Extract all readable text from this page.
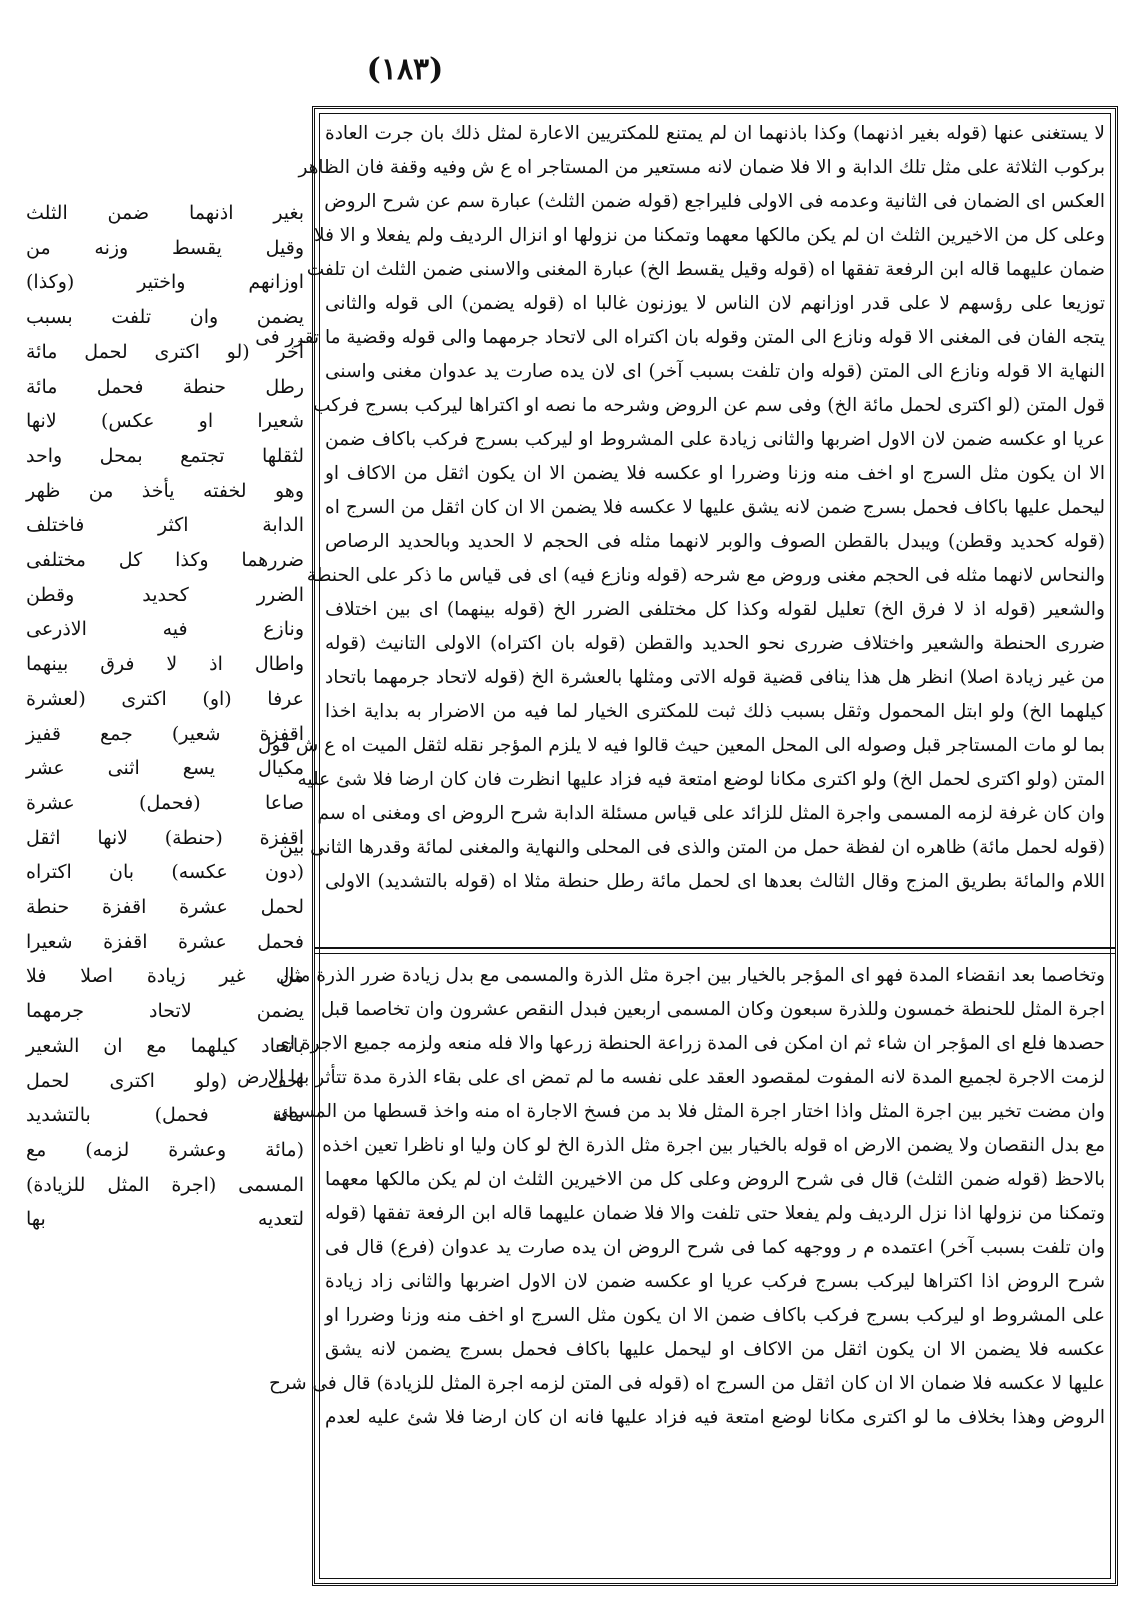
(١٨٣)
لا يستغنى عنها (قوله بغير اذنهما) وكذا باذنهما ان لم يمتنع للمكتريين الاعارة لمثل ذلك بان جرت العادة
بركوب الثلاثة على مثل تلك الدابة و الا فلا ضمان لانه مستعير من المستاجر اه ع ش وفيه وقفة فان الظاهر
العكس اى الضمان فى الثانية وعدمه فى الاولى فليراجع (قوله ضمن الثلث) عبارة سم عن شرح الروض
وعلى كل من الاخيرين الثلث ان لم يكن مالكها معهما وتمكنا من نزولها او انزال الرديف ولم يفعلا و الا فلا
ضمان عليهما قاله ابن الرفعة تفقها اه (قوله وقيل يقسط الخ) عبارة المغنى والاسنى ضمن الثلث ان تلفت
توزيعا على رؤسهم لا على قدر اوزانهم لان الناس لا يوزنون غالبا اه (قوله يضمن) الى قوله والثانى
يتجه الفان فى المغنى الا قوله ونازع الى المتن وقوله بان اكتراه الى لاتحاد جرمهما والى قوله وقضية ما تقرر فى
النهاية الا قوله ونازع الى المتن (قوله وان تلفت بسبب آخر) اى لان يده صارت يد عدوان مغنى واسنى
قول المتن (لو اكترى لحمل مائة الخ) وفى سم عن الروض وشرحه ما نصه او اكتراها ليركب بسرج فركب
عريا او عكسه ضمن لان الاول اضربها والثانى زيادة على المشروط او ليركب بسرج فركب باكاف ضمن
الا ان يكون مثل السرج او اخف منه وزنا وضررا او عكسه فلا يضمن الا ان يكون اثقل من الاكاف او
ليحمل عليها باكاف فحمل بسرج ضمن لانه يشق عليها لا عكسه فلا يضمن الا ان كان اثقل من السرج اه
(قوله كحديد وقطن) ويبدل بالقطن الصوف والوبر لانهما مثله فى الحجم لا الحديد وبالحديد الرصاص
والنحاس لانهما مثله فى الحجم مغنى وروض مع شرحه (قوله ونازع فيه) اى فى قياس ما ذكر على الحنطة
والشعير (قوله اذ لا فرق الخ) تعليل لقوله وكذا كل مختلفى الضرر الخ (قوله بينهما) اى بين اختلاف
ضررى الحنطة والشعير واختلاف ضررى نحو الحديد والقطن (قوله بان اكتراه) الاولى التانيث (قوله
من غير زيادة اصلا) انظر هل هذا ينافى قضية قوله الاتى ومثلها بالعشرة الخ (قوله لاتحاد جرمهما باتحاد
كيلهما الخ) ولو ابتل المحمول وثقل بسبب ذلك ثبت للمكترى الخيار لما فيه من الاضرار به بداية اخذا
بما لو مات المستاجر قبل وصوله الى المحل المعين حيث قالوا فيه لا يلزم المؤجر نقله لثقل الميت اه ع ش قول
المتن (ولو اكترى لحمل الخ) ولو اكترى مكانا لوضع امتعة فيه فزاد عليها انظرت فان كان ارضا فلا شئ عليه
وان كان غرفة لزمه المسمى واجرة المثل للزائد على قياس مسئلة الدابة شرح الروض اى ومغنى اه سم
(قوله لحمل مائة) ظاهره ان لفظة حمل من المتن والذى فى المحلى والنهاية والمغنى لمائة وقدرها الثانى بين
اللام والمائة بطريق المزج وقال الثالث بعدها اى لحمل مائة رطل حنطة مثلا اه (قوله بالتشديد) الاولى
وتخاصما بعد انقضاء المدة فهو اى المؤجر بالخيار بين اجرة مثل الذرة والمسمى مع بدل زيادة ضرر الذرة مثال
اجرة المثل للحنطة خمسون وللذرة سبعون وكان المسمى اربعين فبدل النقص عشرون وان تخاصما قبل
حصدها فلع اى المؤجر ان شاء ثم ان امكن فى المدة زراعة الحنطة زرعها والا فله منعه ولزمه جميع الاجرة اى
لزمت الاجرة لجميع المدة لانه المفوت لمقصود العقد على نفسه ما لم تمض اى على بقاء الذرة مدة تتأثر بها الارض
وان مضت تخير بين اجرة المثل واذا اختار اجرة المثل فلا بد من فسخ الاجارة اه منه واخذ قسطها من المسمى
مع بدل النقصان ولا يضمن الارض اه قوله بالخيار بين اجرة مثل الذرة الخ لو كان وليا او ناظرا تعين اخذه
بالاحظ (قوله ضمن الثلث) قال فى شرح الروض وعلى كل من الاخيرين الثلث ان لم يكن مالكها معهما
وتمكنا من نزولها اذا نزل الرديف ولم يفعلا حتى تلفت والا فلا ضمان عليهما قاله ابن الرفعة تفقها (قوله
وان تلفت بسبب آخر) اعتمده م ر ووجهه كما فى شرح الروض ان يده صارت يد عدوان (فرع) قال فى
شرح الروض اذا اكتراها ليركب بسرج فركب عريا او عكسه ضمن لان الاول اضربها والثانى زاد زيادة
على المشروط او ليركب بسرج فركب باكاف ضمن الا ان يكون مثل السرج او اخف منه وزنا وضررا او
عكسه فلا يضمن الا ان يكون اثقل من الاكاف او ليحمل عليها باكاف فحمل بسرج يضمن لانه يشق
عليها لا عكسه فلا ضمان الا ان كان اثقل من السرج اه (قوله فى المتن لزمه اجرة المثل للزيادة) قال فى شرح
الروض وهذا بخلاف ما لو اكترى مكانا لوضع امتعة فيه فزاد عليها فانه ان كان ارضا فلا شئ عليه لعدم
بغير اذنهما ضمن الثلث
وقيل يقسط وزنه من
اوزانهم واختير (وكذا)
يضمن وان تلفت بسبب
آخر (لو اكترى لحمل مائة
رطل حنطة فحمل مائة
شعيرا او عكس) لانها
لثقلها تجتمع بمحل واحد
وهو لخفته يأخذ من ظهر
الدابة اكثر فاختلف
ضررهما وكذا كل مختلفى
الضرر كحديد وقطن
ونازع فيه الاذرعى
واطال اذ لا فرق بينهما
عرفا (او) اكترى (لعشرة
اقفزة شعير) جمع قفيز
مكيال يسع اثنى عشر
صاعا (فحمل) عشرة
اقفزة (حنطة) لانها اثقل
(دون عكسه) بان اكتراه
لحمل عشرة اقفزة حنطة
فحمل عشرة اقفزة شعيرا
من غير زيادة اصلا فلا
يضمن لاتحاد جرمهما
باتحاد كيلهما مع ان الشعير
اخف (ولو اكترى لحمل
مائة فحمل) بالتشديد
(مائة وعشرة لزمه) مع
المسمى (اجرة المثل للزيادة)
لتعديه بها
